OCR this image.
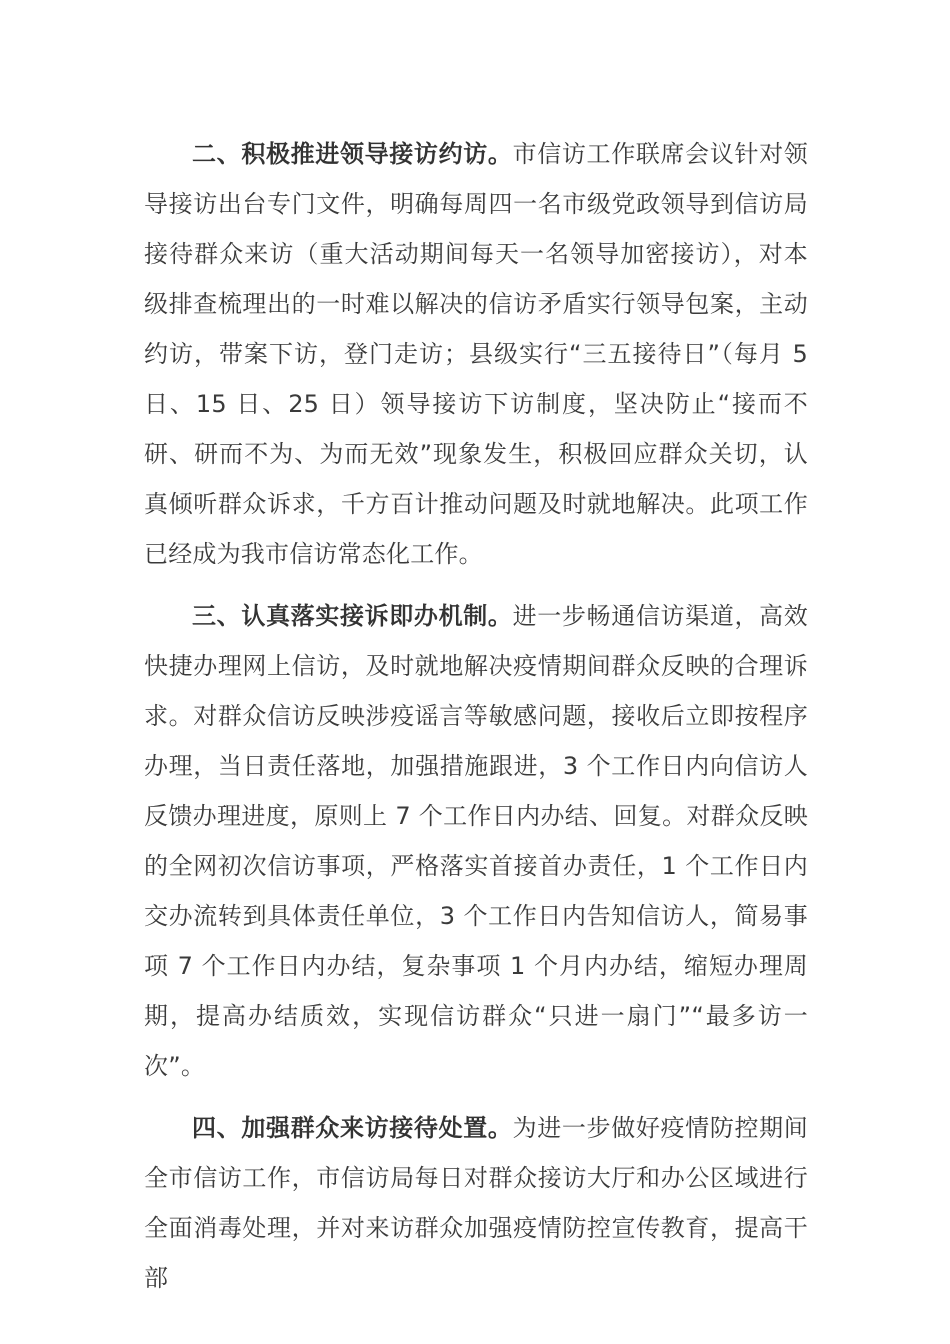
二、积极推进领导接访约访。市信访工作联席会议针对领导接访出台专门文件，明确每周四一名市级党政领导到信访局接待群众来访（重大活动期间每天一名领导加密接访），对本级排查梳理出的一时难以解决的信访矛盾实行领导包案，主动约访，带案下访，登门走访；县级实行“三五接待日”（每月 5 日、15 日、25 日）领导接访下访制度，坚决防止“接而不研、研而不为、为而无效”现象发生，积极回应群众关切，认真倾听群众诉求，千方百计推动问题及时就地解决。此项工作已经成为我市信访常态化工作。

三、认真落实接诉即办机制。进一步畅通信访渠道，高效快捷办理网上信访，及时就地解决疫情期间群众反映的合理诉求。对群众信访反映涉疫谣言等敏感问题，接收后立即按程序办理，当日责任落地，加强措施跟进，3 个工作日内向信访人反馈办理进度，原则上 7 个工作日内办结、回复。对群众反映的全网初次信访事项，严格落实首接首办责任，1 个工作日内交办流转到具体责任单位，3 个工作日内告知信访人，简易事项 7 个工作日内办结，复杂事项 1 个月内办结，缩短办理周期，提高办结质效，实现信访群众“只进一扇门”“最多访一次”。

四、加强群众来访接待处置。为进一步做好疫情防控期间全市信访工作，市信访局每日对群众接访大厅和办公区域进行全面消毒处理，并对来访群众加强疫情防控宣传教育，提高干部
